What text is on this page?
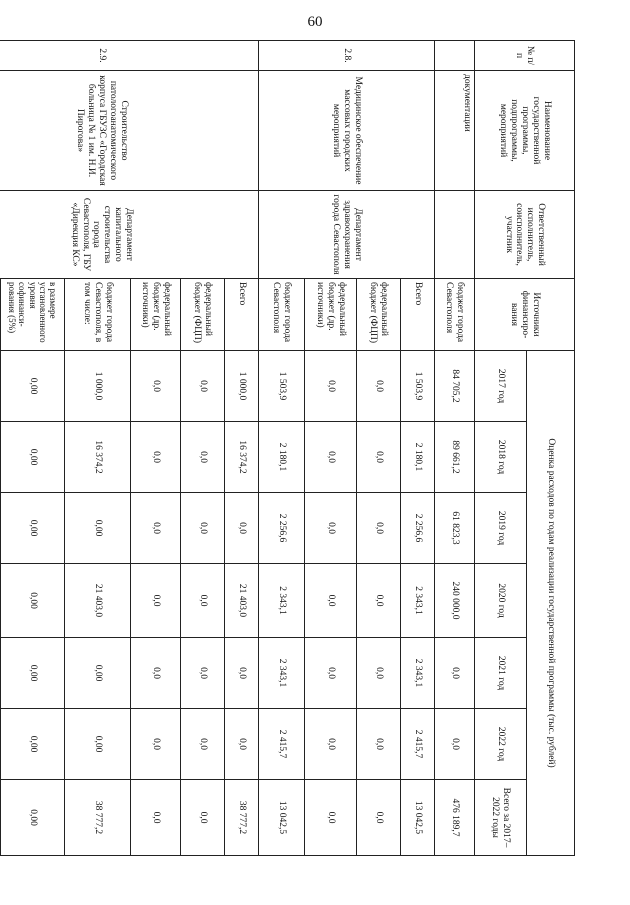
60
№ п/п	Наименование государственной программы, подпрограммы, мероприятий	Ответственный исполнитель, соисполнитель, участник	Источники финансиро-вания	Оценка расходов по годам реализации государственной программы (тыс. рублей)						
				2017 год	2018 год	2019 год	2020 год	2021 год	2022 год	Всего за 2017–2022 годы
	документации		бюджет города Севастополя	84 705,2	89 661,2	61 823,3	240 000,0	0,0	0,0	476 189,7
2.8.	Медицинское обеспечение массовых городских мероприятий	Департамент здравоохранения города Севастополя	Всего	1 503,9	2 180,1	2 256,6	2 343,1	2 343,1	2 415,7	13 042,5
			федеральный бюджет (ФЦП)	0,0	0,0	0,0	0,0	0,0	0,0	0,0
			федеральный бюджет (др. источники)	0,0	0,0	0,0	0,0	0,0	0,0	0,0
			бюджет города Севастополя	1 503,9	2 180,1	2 256,6	2 343,1	2 343,1	2 415,7	13 042,5
2.9.	Строительство патологоанатомического корпуса ГБУЗС «Городская больница № 1 им. Н.И. Пирогова»	Департамент капитального строительства города Севастополя, ГБУ «Дирекция КС»	Всего	1 000,0	16 374,2	0,0	21 403,0	0,0	0,0	38 777,2
			федеральный бюджет (ФЦП)	0,0	0,0	0,0	0,0	0,0	0,0	0,0
			федеральный бюджет (др. источники)	0,0	0,0	0,0	0,0	0,0	0,0	0,0
			бюджет города Севастополя, в том числе:	1 000,0	16 374,2	0,00	21 403,0	0,00	0,00	38 777,2
			в размере установленного уровня софинанси-рования (5%)	0,00	0,00	0,00	0,00	0,00	0,00	0,00
